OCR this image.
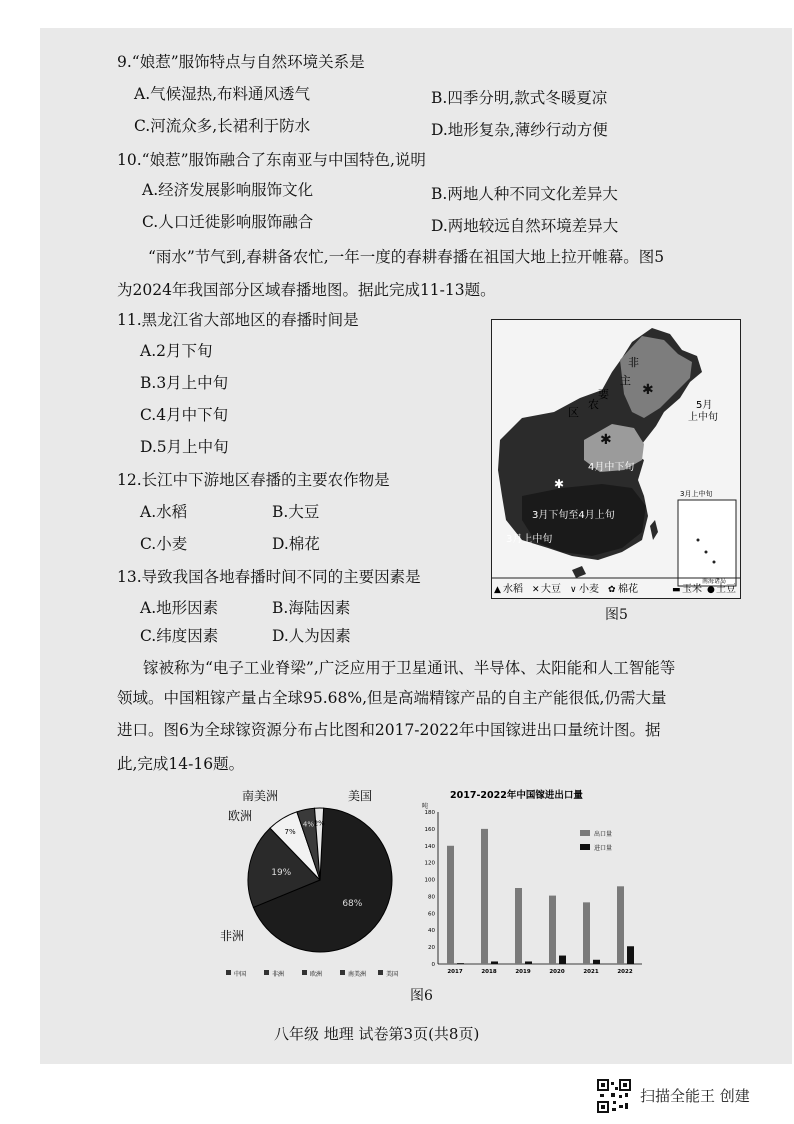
9.“娘惹”服饰特点与自然环境关系是
A.气候湿热,布料通风透气	B.四季分明,款式冬暖夏凉
C.河流众多,长裙利于防水	D.地形复杂,薄纱行动方便
10.“娘惹”服饰融合了东南亚与中国特色,说明
A.经济发展影响服饰文化	B.两地人种不同文化差异大
C.人口迁徙影响服饰融合	D.两地较远自然环境差异大
“雨水”节气到,春耕备农忙,一年一度的春耕春播在祖国大地上拉开帷幕。图5
为2024年我国部分区域春播地图。据此完成11-13题。
11.黑龙江省大部地区的春播时间是
A.2月下旬
B.3月上中旬
C.4月中下旬
D.5月上中旬
12.长江中下游地区春播的主要农作物是
A.水稻	B.大豆
C.小麦	D.棉花
13.导致我国各地春播时间不同的主要因素是
A.地形因素	B.海陆因素
C.纬度因素	D.人为因素
非
主
要
区
农	5月
上中旬
4月中下旬
3月下旬至4月上旬
3月上中旬
3月上中旬
南海诸岛
✱
✱
✱
▲ 水稻 ✕ 大豆 ∨ 小麦 ✿ 棉花	▬ 玉米 ● 土豆
图5
镓被称为“电子工业脊梁”,广泛应用于卫星通讯、半导体、太阳能和人工智能等
领域。中国粗镓产量占全球95.68%,但是高端精镓产品的自主产能很低,仍需大量
进口。图6为全球镓资源分布占比图和2017-2022年中国镓进出口量统计图。据
此,完成14-16题。
南美洲	美国
欧洲
非洲
68%
19%
7%
4% 2%
中国	非洲	欧洲	南美洲	美国
2017-2022年中国镓进出口量
吨
0
20
40
60
80
100
120
140
160
180
2017	2018	2019	2020	2021	2022
出口量
进口量
图6
八年级 地理 试卷第3页(共8页)
扫描全能王 创建
